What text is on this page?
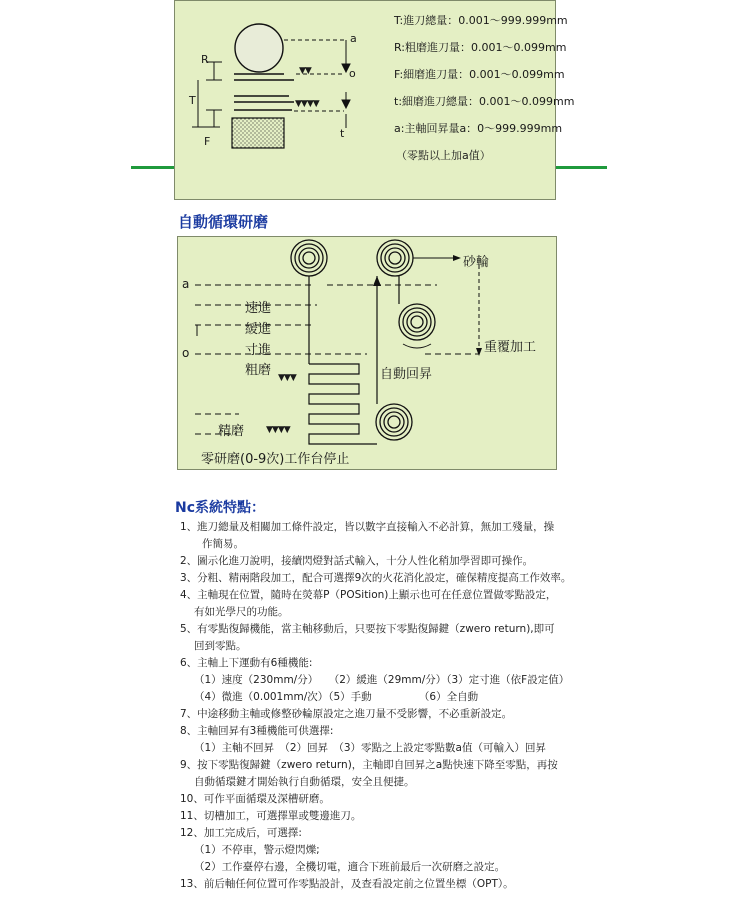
R
T
F
a
o
t
▼▼
▼▼▼▼
T:進刀總量：0.001～999.999mm
R:粗磨進刀量：0.001～0.099mm
F:細磨進刀量：0.001～0.099mm
t:細磨進刀總量：0.001～0.099mm
a:主軸回昇量a：0～999.999mm
（零點以上加a值）
自動循環研磨
a
o
速進
緩進
寸進
粗磨 ▼▼▼
精磨 ▼▼▼▼
砂輪
重覆加工
自動回昇
零研磨(0-9次)工作台停止
Nc系統特點：
1、進刀總量及相關加工條件設定，皆以數字直接輸入不必計算，無加工殘量，操
作簡易。
2、圖示化進刀說明，接續閃燈對話式輸入，十分人性化稍加學習即可操作。
3、分粗、精兩階段加工，配合可選擇9次的火花消化設定，確保精度提高工作效率。
4、主軸現在位置，隨時在熒幕P（POSition)上顯示也可在任意位置做零點設定，
有如光學尺的功能。
5、有零點復歸機能，當主軸移動后，只要按下零點復歸鍵（zwero return),即可
回到零點。
6、主軸上下運動有6種機能:
（1）速度（230mm/分）　　（2）緩進（29mm/分）（3）定寸進（依F設定值）
（4）微進（0.001mm/次）（5）手動　　　　　（6）全自動
7、中途移動主軸或修整砂輪原設定之進刀量不受影響，不必重新設定。
8、主軸回昇有3種機能可供選擇:
（1）主軸不回昇　（2）回昇　（3）零點之上設定零點數a值（可輸入）回昇
9、按下零點復歸鍵（zwero return)，主軸即自回昇之a點快速下降至零點，再按
自動循環鍵才開始執行自動循環，安全且便捷。
10、可作平面循環及深槽研磨。
11、切槽加工，可選擇單或雙邊進刀。
12、加工完成后，可選擇:
（1）不停車，警示燈閃爍;
（2）工作臺停右邊，全機切電，適合下班前最后一次研磨之設定。
13、前后軸任何位置可作零點設計，及查看設定前之位置坐標（OPT）。
